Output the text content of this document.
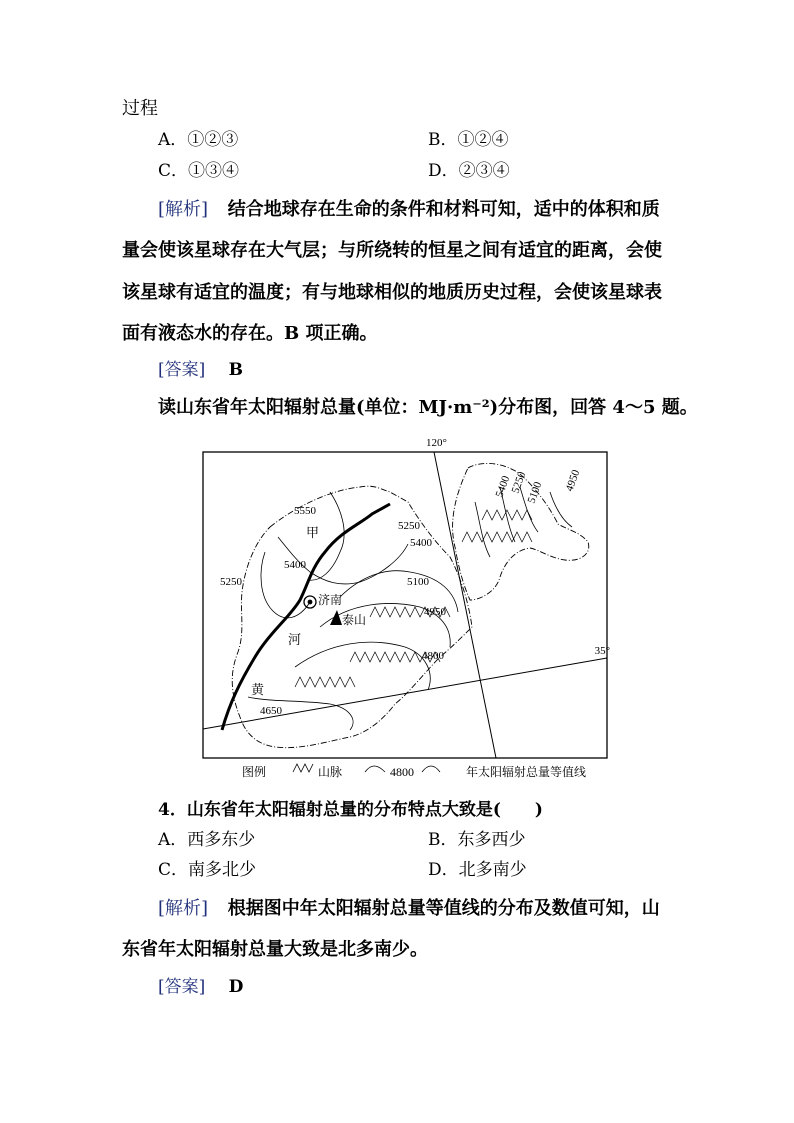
过程
A．①②③	B．①②④
C．①③④	D．②③④
[解析] 结合地球存在生命的条件和材料可知，适中的体积和质
量会使该星球存在大气层；与所绕转的恒星之间有适宜的距离，会使
该星球有适宜的温度；有与地球相似的地质历史过程，会使该星球表
面有液态水的存在。B 项正确。
[答案] B
读山东省年太阳辐射总量(单位：MJ·m⁻²)分布图，回答 4～5 题。
120°
35°
5550
5400
5250
5250
5400
5100
4950
4800
4650
5400
5250
5100 4950
甲
济南
泰山
河
黄
图例	山脉	4800	年太阳辐射总量等值线
4．山东省年太阳辐射总量的分布特点大致是(　　)
A．西多东少	B．东多西少
C．南多北少	D．北多南少
[解析] 根据图中年太阳辐射总量等值线的分布及数值可知，山
东省年太阳辐射总量大致是北多南少。
[答案] D
